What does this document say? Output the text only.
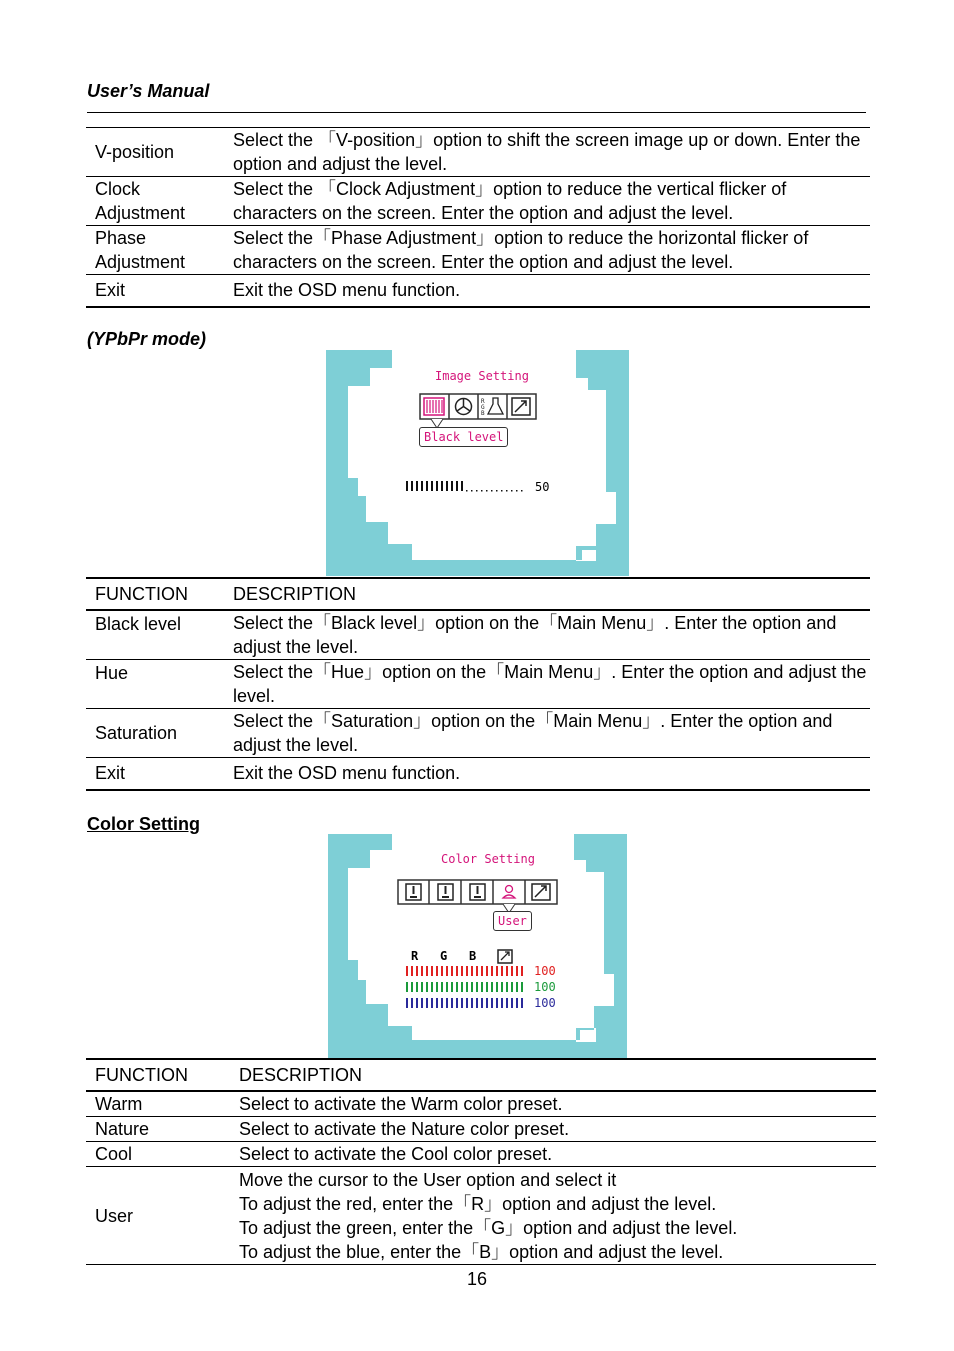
User’s Manual
V-position	Select the 「V-position」option to shift the screen image up or down. Enter the option and adjust the level.
Clock Adjustment	Select the 「Clock Adjustment」option to reduce the vertical flicker of characters on the screen. Enter the option and adjust the level.
Phase Adjustment	Select the「Phase Adjustment」option to reduce the horizontal flicker of characters on the screen. Enter the option and adjust the level.
Exit	Exit the OSD menu function.
(YPbPr mode)
R
G
B
Image Setting
Black level
50
FUNCTION	DESCRIPTION
Black level	Select the「Black level」option on the「Main Menu」. Enter the option and adjust the level.
Hue	Select the「Hue」option on the「Main Menu」. Enter the option and adjust the level.
Saturation	Select the「Saturation」option on the「Main Menu」. Enter the option and adjust the level.
Exit	Exit the OSD menu function.
Color Setting
Color Setting
User
R G B
100
100
100
FUNCTION	DESCRIPTION
Warm	Select to activate the Warm color preset.
Nature	Select to activate the Nature color preset.
Cool	Select to activate the Cool color preset.
User	Move the cursor to the User option and select it
To adjust the red, enter the「R」option and adjust the level.
To adjust the green, enter the「G」option and adjust the level.
To adjust the blue, enter the「B」option and adjust the level.
16
